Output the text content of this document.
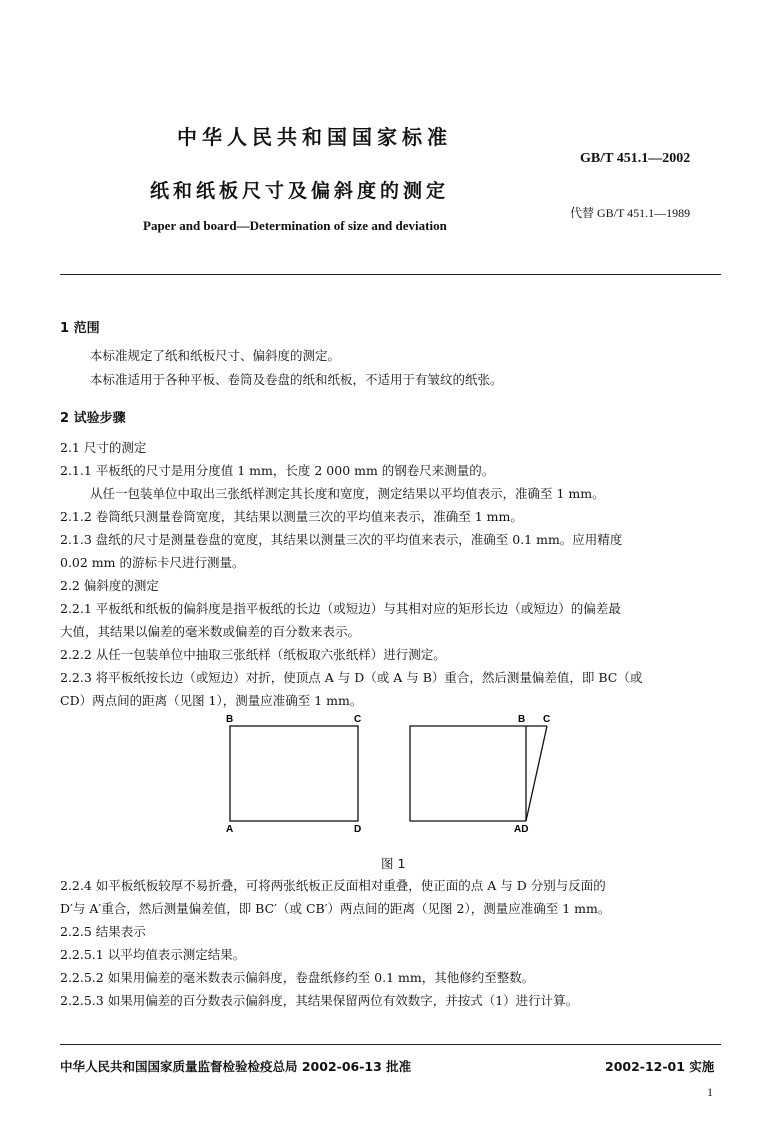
中华人民共和国国家标准
GB/T 451.1—2002
纸和纸板尺寸及偏斜度的测定
代替 GB/T 451.1—1989
Paper and board—Determination of size and deviation
1 范围
本标准规定了纸和纸板尺寸、偏斜度的测定。
本标准适用于各种平板、卷筒及卷盘的纸和纸板，不适用于有皱纹的纸张。
2 试验步骤
2.1 尺寸的测定
2.1.1 平板纸的尺寸是用分度值 1 mm，长度 2 000 mm 的钢卷尺来测量的。
从任一包装单位中取出三张纸样测定其长度和宽度，测定结果以平均值表示，准确至 1 mm。
2.1.2 卷筒纸只测量卷筒宽度，其结果以测量三次的平均值来表示，准确至 1 mm。
2.1.3 盘纸的尺寸是测量卷盘的宽度，其结果以测量三次的平均值来表示，准确至 0.1 mm。应用精度
0.02 mm 的游标卡尺进行测量。
2.2 偏斜度的测定
2.2.1 平板纸和纸板的偏斜度是指平板纸的长边（或短边）与其相对应的矩形长边（或短边）的偏差最
大值，其结果以偏差的毫米数或偏差的百分数来表示。
2.2.2 从任一包装单位中抽取三张纸样（纸板取六张纸样）进行测定。
2.2.3 将平板纸按长边（或短边）对折，使顶点 A 与 D（或 A 与 B）重合，然后测量偏差值，即 BC（或
CD）两点间的距离（见图 1），测量应准确至 1 mm。
B	C
A	D
B C
AD
图 1
2.2.4 如平板纸板较厚不易折叠，可将两张纸板正反面相对重叠，使正面的点 A 与 D 分别与反面的
D′与 A′重合，然后测量偏差值，即 BC′（或 CB′）两点间的距离（见图 2），测量应准确至 1 mm。
2.2.5 结果表示
2.2.5.1 以平均值表示测定结果。
2.2.5.2 如果用偏差的毫米数表示偏斜度，卷盘纸修约至 0.1 mm，其他修约至整数。
2.2.5.3 如果用偏差的百分数表示偏斜度，其结果保留两位有效数字，并按式（1）进行计算。
中华人民共和国国家质量监督检验检疫总局 2002-06-13 批准	2002-12-01 实施
1
